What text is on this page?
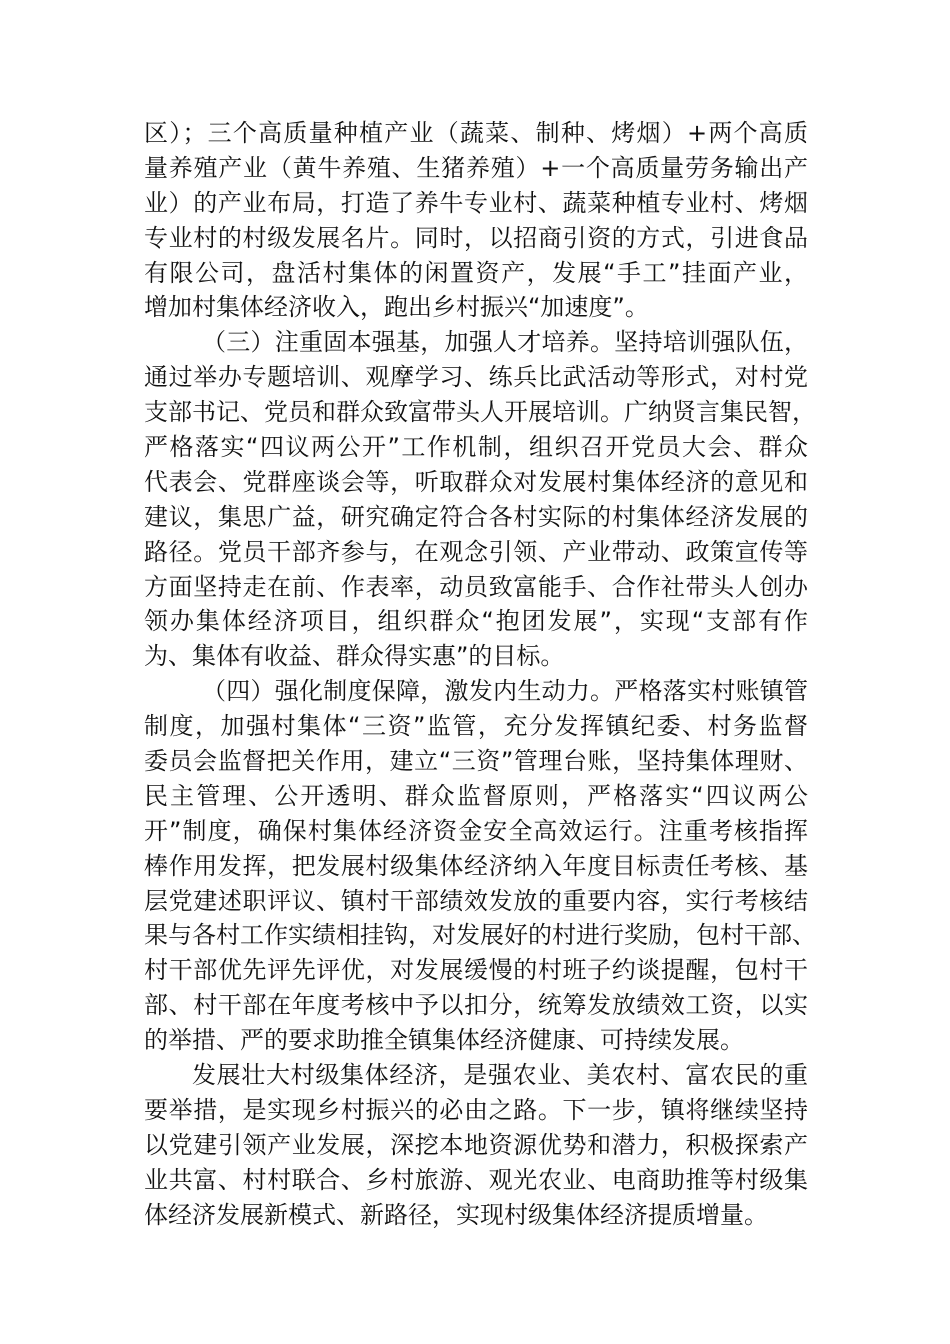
区）；三个高质量种植产业（蔬菜、制种、烤烟）+两个高质
量养殖产业（黄牛养殖、生猪养殖）+一个高质量劳务输出产
业）的产业布局，打造了养牛专业村、蔬菜种植专业村、烤烟
专业村的村级发展名片。同时，以招商引资的方式，引进食品
有限公司，盘活村集体的闲置资产，发展“手工”挂面产业，
增加村集体经济收入，跑出乡村振兴“加速度”。
（三）注重固本强基，加强人才培养。坚持培训强队伍，
通过举办专题培训、观摩学习、练兵比武活动等形式，对村党
支部书记、党员和群众致富带头人开展培训。广纳贤言集民智，
严格落实“四议两公开”工作机制，组织召开党员大会、群众
代表会、党群座谈会等，听取群众对发展村集体经济的意见和
建议，集思广益，研究确定符合各村实际的村集体经济发展的
路径。党员干部齐参与，在观念引领、产业带动、政策宣传等
方面坚持走在前、作表率，动员致富能手、合作社带头人创办
领办集体经济项目，组织群众“抱团发展”，实现“支部有作
为、集体有收益、群众得实惠”的目标。
（四）强化制度保障，激发内生动力。严格落实村账镇管
制度，加强村集体“三资”监管，充分发挥镇纪委、村务监督
委员会监督把关作用，建立“三资”管理台账，坚持集体理财、
民主管理、公开透明、群众监督原则，严格落实“四议两公
开”制度，确保村集体经济资金安全高效运行。注重考核指挥
棒作用发挥，把发展村级集体经济纳入年度目标责任考核、基
层党建述职评议、镇村干部绩效发放的重要内容，实行考核结
果与各村工作实绩相挂钩，对发展好的村进行奖励，包村干部、
村干部优先评先评优，对发展缓慢的村班子约谈提醒，包村干
部、村干部在年度考核中予以扣分，统筹发放绩效工资，以实
的举措、严的要求助推全镇集体经济健康、可持续发展。
发展壮大村级集体经济，是强农业、美农村、富农民的重
要举措，是实现乡村振兴的必由之路。下一步，镇将继续坚持
以党建引领产业发展，深挖本地资源优势和潜力，积极探索产
业共富、村村联合、乡村旅游、观光农业、电商助推等村级集
体经济发展新模式、新路径，实现村级集体经济提质增量。
